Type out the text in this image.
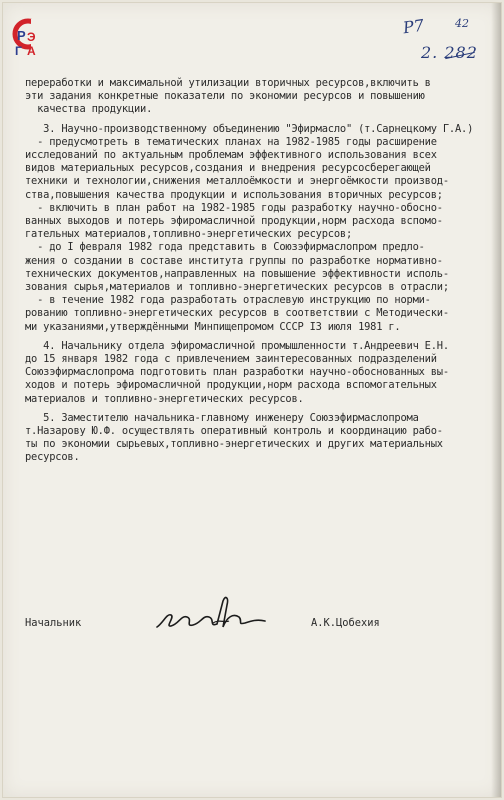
Р Э
Г А
Р7	42
2. 282
переработки и максимальной утилизации вторичных ресурсов,включить в
эти задания конкретные показатели по экономии ресурсов и повышению
качества продукции.
3. Научно-производственному объединению "Эфирмасло" (т.Сарнецкому Г.А.)
- предусмотреть в тематических планах на 1982-1985 годы расширение
исследований по актуальным проблемам эффективного использования всех
видов материальных ресурсов,создания и внедрения ресурсосберегающей
техники и технологии,снижения металлоёмкости и энергоёмкости производ-
ства,повышения качества продукции и использования вторичных ресурсов;
- включить в план работ на 1982-1985 годы разработку научно-обосно-
ванных выходов и потерь эфиромасличной продукции,норм расхода вспомо-
гательных материалов,топливно-энергетических ресурсов;
- до I февраля 1982 года представить в Союзэфирмаслопром предло-
жения о создании в составе института группы по разработке нормативно-
технических документов,направленных на повышение эффективности исполь-
зования сырья,материалов и топливно-энергетических ресурсов в отрасли;
- в течение 1982 года разработать отраслевую инструкцию по норми-
рованию топливно-энергетических ресурсов в соответствии с Методически-
ми указаниями,утверждёнными Минпищепромом СССР I3 июля 1981 г.
4. Начальнику отдела эфиромасличной промышленности т.Андреевич Е.Н.
до 15 января 1982 года с привлечением заинтересованных подразделений
Союзэфирмаслопрома подготовить план разработки научно-обоснованных вы-
ходов и потерь эфиромасличной продукции,норм расхода вспомогательных
материалов и топливно-энергетических ресурсов.
5. Заместителю начальника-главному инженеру Союзэфирмаслопрома
т.Назарову Ю.Ф. осуществлять оперативный контроль и координацию рабо-
ты по экономии сырьевых,топливно-энергетических и других материальных
ресурсов.
Начальник	А.К.Цобехия
